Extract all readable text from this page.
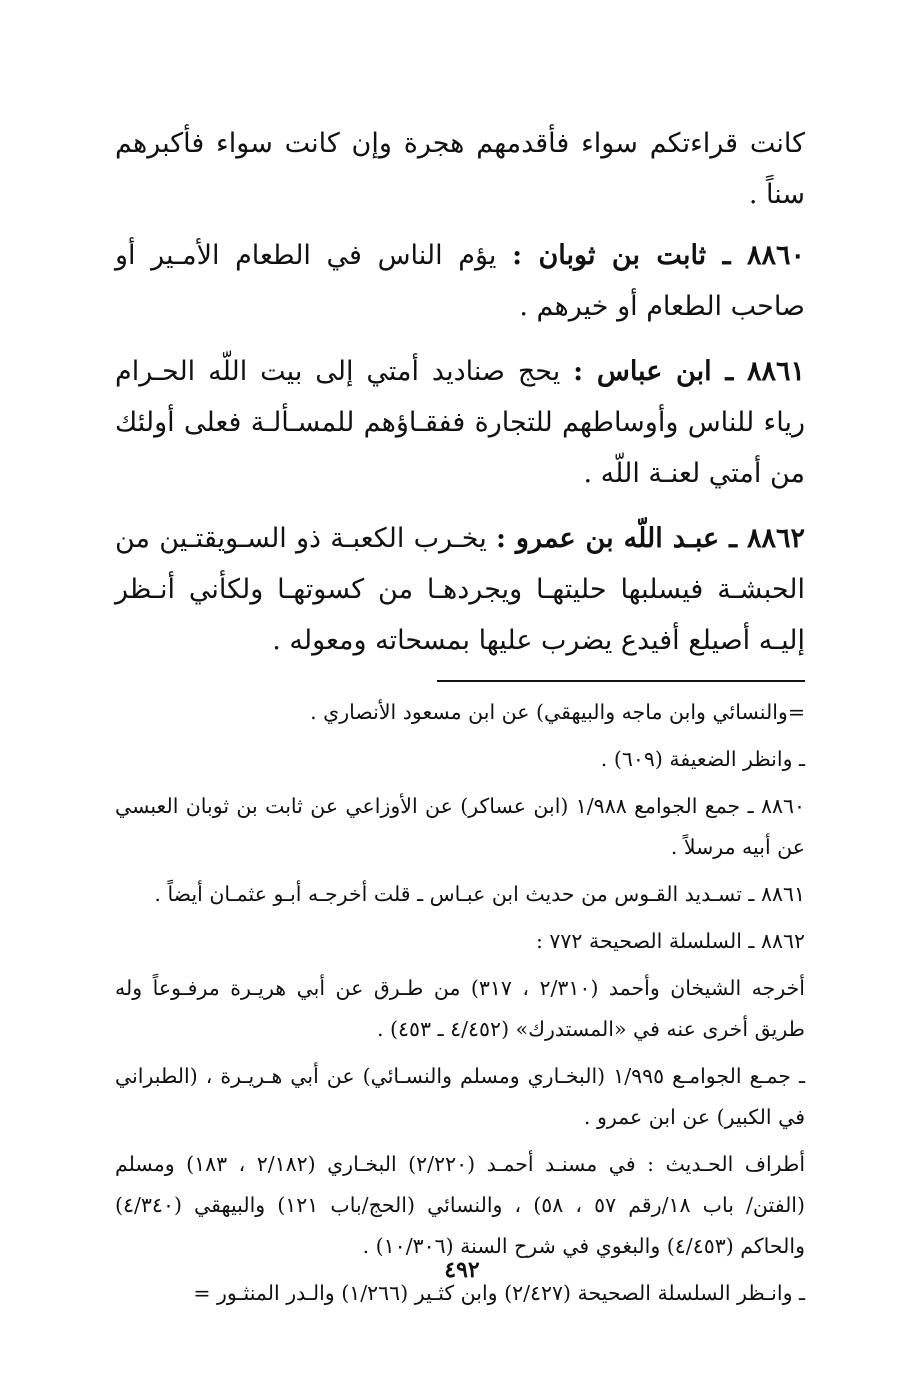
كانت قراءتكم سواء فأقدمهم هجرة وإن كانت سواء فأكبرهم سناً .

٨٨٦٠ ـ ثابت بن ثوبان : يؤم الناس في الطعام الأمـير أو صاحب الطعام أو خيرهم .

٨٨٦١ ـ ابن عباس : يحج صناديد أمتي إلى بيت اللّه الحـرام رياء للناس وأوساطهم للتجارة ففقـاؤهم للمسـألـة فعلى أولئك من أمتي لعنـة اللّه .

٨٨٦٢ ـ عبـد اللّه بن عمرو : يخـرب الكعبـة ذو السـويقتـين من الحبشـة فيسلبها حليتهـا ويجردهـا من كسوتهـا ولكأني أنـظر إليـه أصيلع أفيدع يضرب عليها بمسحاته ومعوله .

=والنسائي وابن ماجه والبيهقي) عن ابن مسعود الأنصاري .

ـ وانظر الضعيفة (٦٠٩) .

٨٨٦٠ ـ جمع الجوامع ١/٩٨٨ (ابن عساكر) عن الأوزاعي عن ثابت بن ثوبان العبسي عن أبيه مرسلاً .

٨٨٦١ ـ تسـديد القـوس من حديث ابن عبـاس ـ قلت أخرجـه أبـو عثمـان أيضاً .

٨٨٦٢ ـ السلسلة الصحيحة ٧٧٢ :

أخرجه الشيخان وأحمد (٢/٣١٠ ، ٣١٧) من طـرق عن أبي هريـرة مرفـوعاً وله طريق أخرى عنه في «المستدرك» (٤/٤٥٢ ـ ٤٥٣) .

ـ جمـع الجوامـع ١/٩٩٥ (البخـاري ومسلم والنسـائي) عن أبي هـريـرة ، (الطبراني في الكبير) عن ابن عمرو .

أطراف الحـديث : في مسنـد أحمـد (٢/٢٢٠) البخـاري (٢/١٨٢ ، ١٨٣) ومسلم (الفتن/ باب ١٨/رقم ٥٧ ، ٥٨) ، والنسائي (الحج/باب ١٢١) والبيهقي (٤/٣٤٠) والحاكم (٤/٤٥٣) والبغوي في شرح السنة (١٠/٣٠٦) .

ـ وانـظر السلسلة الصحيحة (٢/٤٢٧) وابن كثـير (١/٢٦٦) والـدر المنثـور =

٤٩٢
